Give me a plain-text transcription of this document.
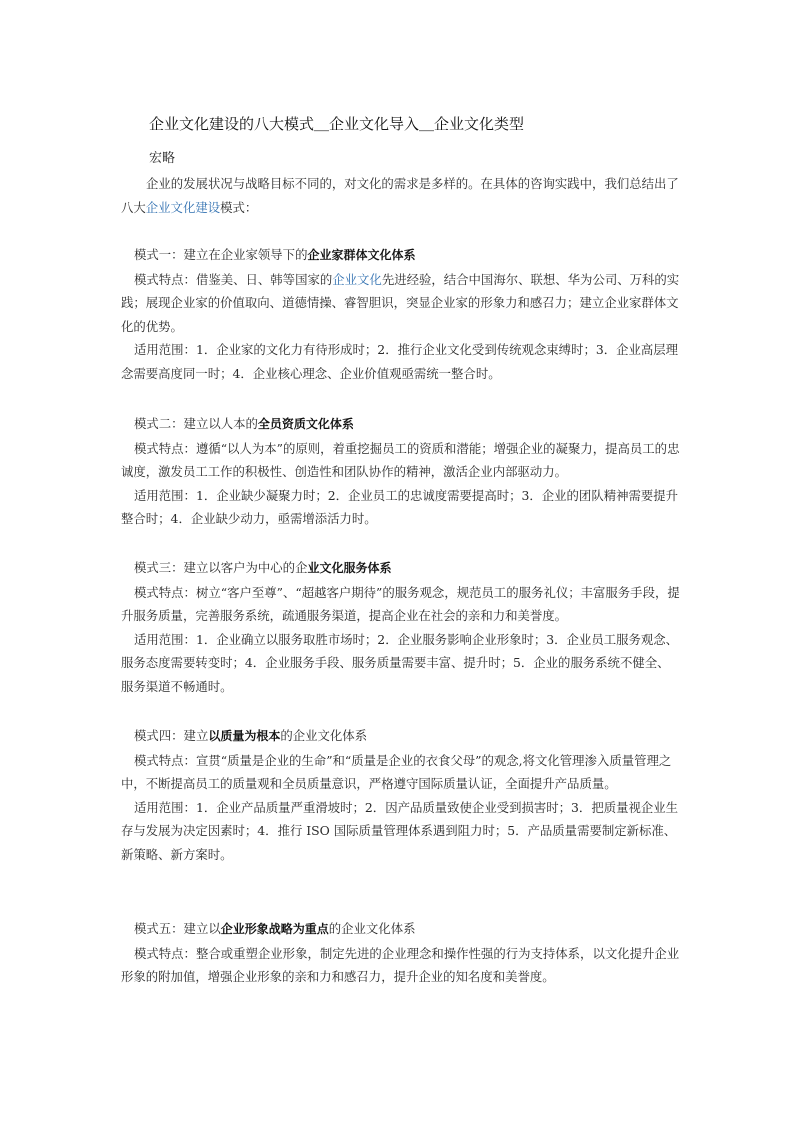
企业文化建设的八大模式＿企业文化导入＿企业文化类型
宏略

企业的发展状况与战略目标不同的，对文化的需求是多样的。在具体的咨询实践中，我们总结出了八大企业文化建设模式：

模式一：建立在企业家领导下的企业家群体文化体系

模式特点：借鉴美、日、韩等国家的企业文化先进经验，结合中国海尔、联想、华为公司、万科的实践；展现企业家的价值取向、道德情操、睿智胆识，突显企业家的形象力和感召力；建立企业家群体文化的优势。

适用范围：1．企业家的文化力有待形成时；2．推行企业文化受到传统观念束缚时；3．企业高层理念需要高度同一时；4．企业核心理念、企业价值观亟需统一整合时。

模式二：建立以人本的全员资质文化体系

模式特点：遵循“以人为本”的原则，着重挖掘员工的资质和潜能；增强企业的凝聚力，提高员工的忠诚度，激发员工工作的积极性、创造性和团队协作的精神，激活企业内部驱动力。

适用范围：1．企业缺少凝聚力时；2．企业员工的忠诚度需要提高时；3．企业的团队精神需要提升整合时；4．企业缺少动力，亟需增添活力时。

模式三：建立以客户为中心的企业文化服务体系

模式特点：树立“客户至尊”、“超越客户期待”的服务观念，规范员工的服务礼仪；丰富服务手段，提升服务质量，完善服务系统，疏通服务渠道，提高企业在社会的亲和力和美誉度。

适用范围：1．企业确立以服务取胜市场时；2．企业服务影响企业形象时；3．企业员工服务观念、服务态度需要转变时；4．企业服务手段、服务质量需要丰富、提升时；5．企业的服务系统不健全、服务渠道不畅通时。

模式四：建立以质量为根本的企业文化体系

模式特点：宣贯“质量是企业的生命”和“质量是企业的衣食父母”的观念,将文化管理渗入质量管理之中，不断提高员工的质量观和全员质量意识，严格遵守国际质量认证，全面提升产品质量。

适用范围：1．企业产品质量严重滑坡时；2．因产品质量致使企业受到损害时；3．把质量视企业生存与发展为决定因素时；4．推行 ISO 国际质量管理体系遇到阻力时；5．产品质量需要制定新标准、新策略、新方案时。

模式五：建立以企业形象战略为重点的企业文化体系

模式特点：整合或重塑企业形象，制定先进的企业理念和操作性强的行为支持体系，以文化提升企业形象的附加值，增强企业形象的亲和力和感召力，提升企业的知名度和美誉度。
